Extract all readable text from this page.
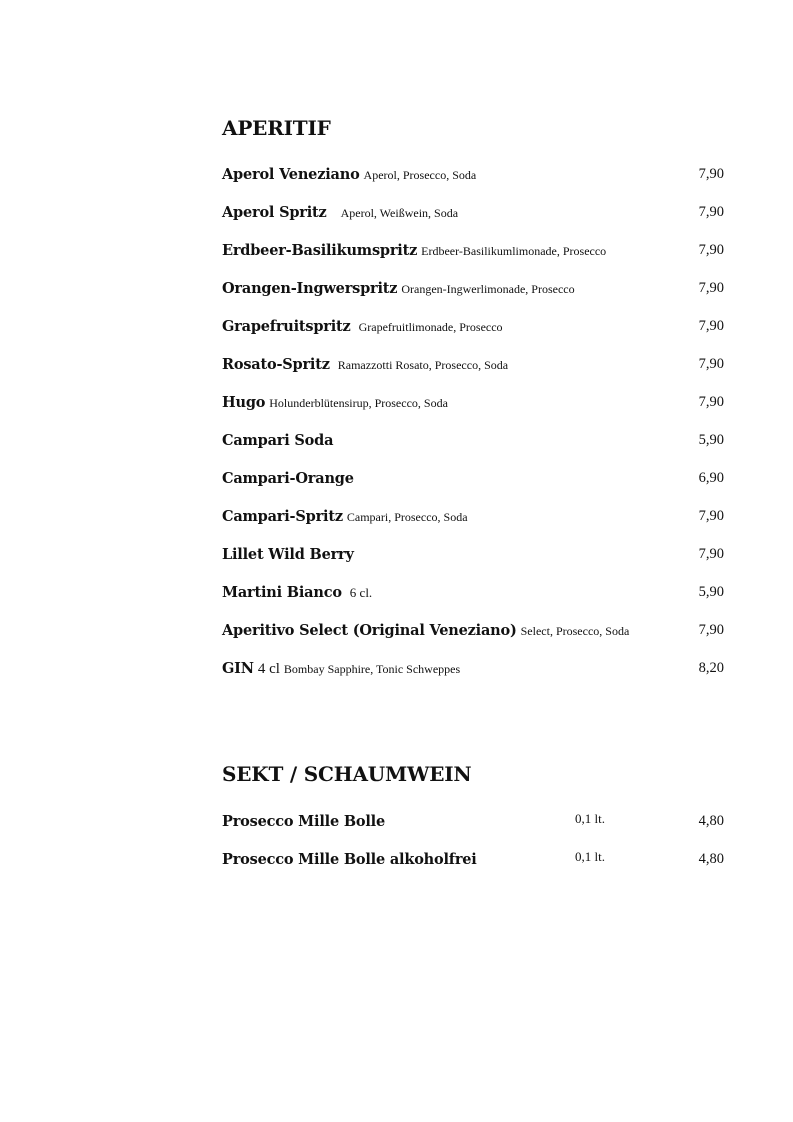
APERITIF
Aperol Veneziano Aperol, Prosecco, Soda	7,90
Aperol Spritz Aperol, Weißwein, Soda	7,90
Erdbeer-Basilikumspritz Erdbeer-Basilikumlimonade, Prosecco	7,90
Orangen-Ingwerspritz Orangen-Ingwerlimonade, Prosecco	7,90
Grapefruitspritz Grapefruitlimonade, Prosecco	7,90
Rosato-Spritz Ramazzotti Rosato, Prosecco, Soda	7,90
Hugo Holunderblütensirup, Prosecco, Soda	7,90
Campari Soda	5,90
Campari-Orange	6,90
Campari-Spritz Campari, Prosecco, Soda	7,90
Lillet Wild Berry	7,90
Martini Bianco 6 cl.	5,90
Aperitivo Select (Original Veneziano) Select, Prosecco, Soda	7,90
GIN 4 cl Bombay Sapphire, Tonic Schweppes	8,20
SEKT / SCHAUMWEIN
Prosecco Mille Bolle	0,1 lt.	4,80
Prosecco Mille Bolle alkoholfrei	0,1 lt.	4,80
